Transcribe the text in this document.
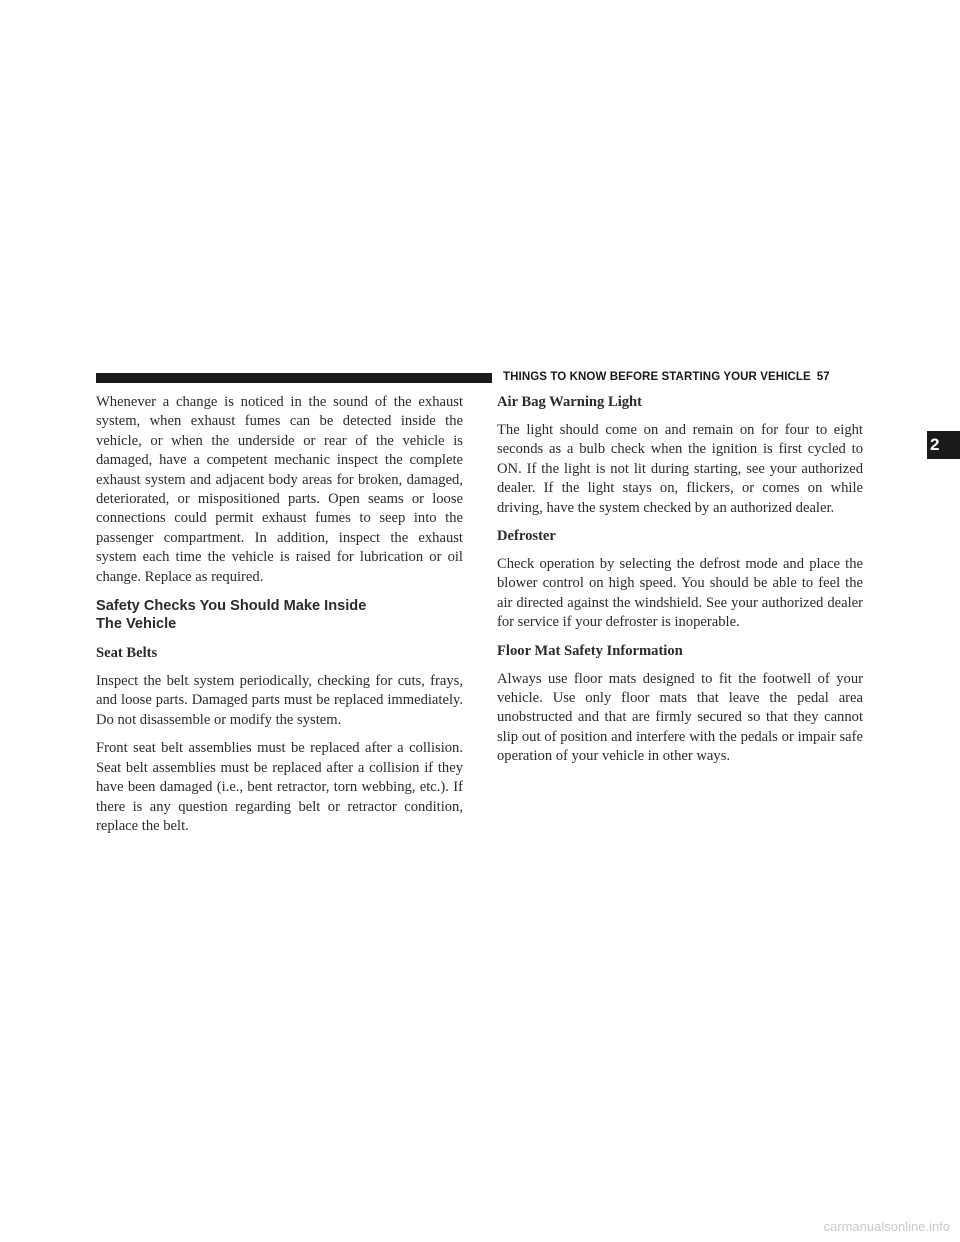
THINGS TO KNOW BEFORE STARTING YOUR VEHICLE 57
2

Whenever a change is noticed in the sound of the exhaust system, when exhaust fumes can be detected inside the vehicle, or when the underside or rear of the vehicle is damaged, have a competent mechanic inspect the complete exhaust system and adjacent body areas for broken, damaged, deteriorated, or mispositioned parts. Open seams or loose connections could permit exhaust fumes to seep into the passenger compartment. In addition, inspect the exhaust system each time the vehicle is raised for lubrication or oil change. Replace as required.

Safety Checks You Should Make Inside
The Vehicle
Seat Belts

Inspect the belt system periodically, checking for cuts, frays, and loose parts. Damaged parts must be replaced immediately. Do not disassemble or modify the system.

Front seat belt assemblies must be replaced after a collision. Seat belt assemblies must be replaced after a collision if they have been damaged (i.e., bent retractor, torn webbing, etc.). If there is any question regarding belt or retractor condition, replace the belt.

Air Bag Warning Light

The light should come on and remain on for four to eight seconds as a bulb check when the ignition is first cycled to ON. If the light is not lit during starting, see your authorized dealer. If the light stays on, flickers, or comes on while driving, have the system checked by an authorized dealer.

Defroster

Check operation by selecting the defrost mode and place the blower control on high speed. You should be able to feel the air directed against the windshield. See your authorized dealer for service if your defroster is inoperable.

Floor Mat Safety Information

Always use floor mats designed to fit the footwell of your vehicle. Use only floor mats that leave the pedal area unobstructed and that are firmly secured so that they cannot slip out of position and interfere with the pedals or impair safe operation of your vehicle in other ways.

carmanualsonline.info
